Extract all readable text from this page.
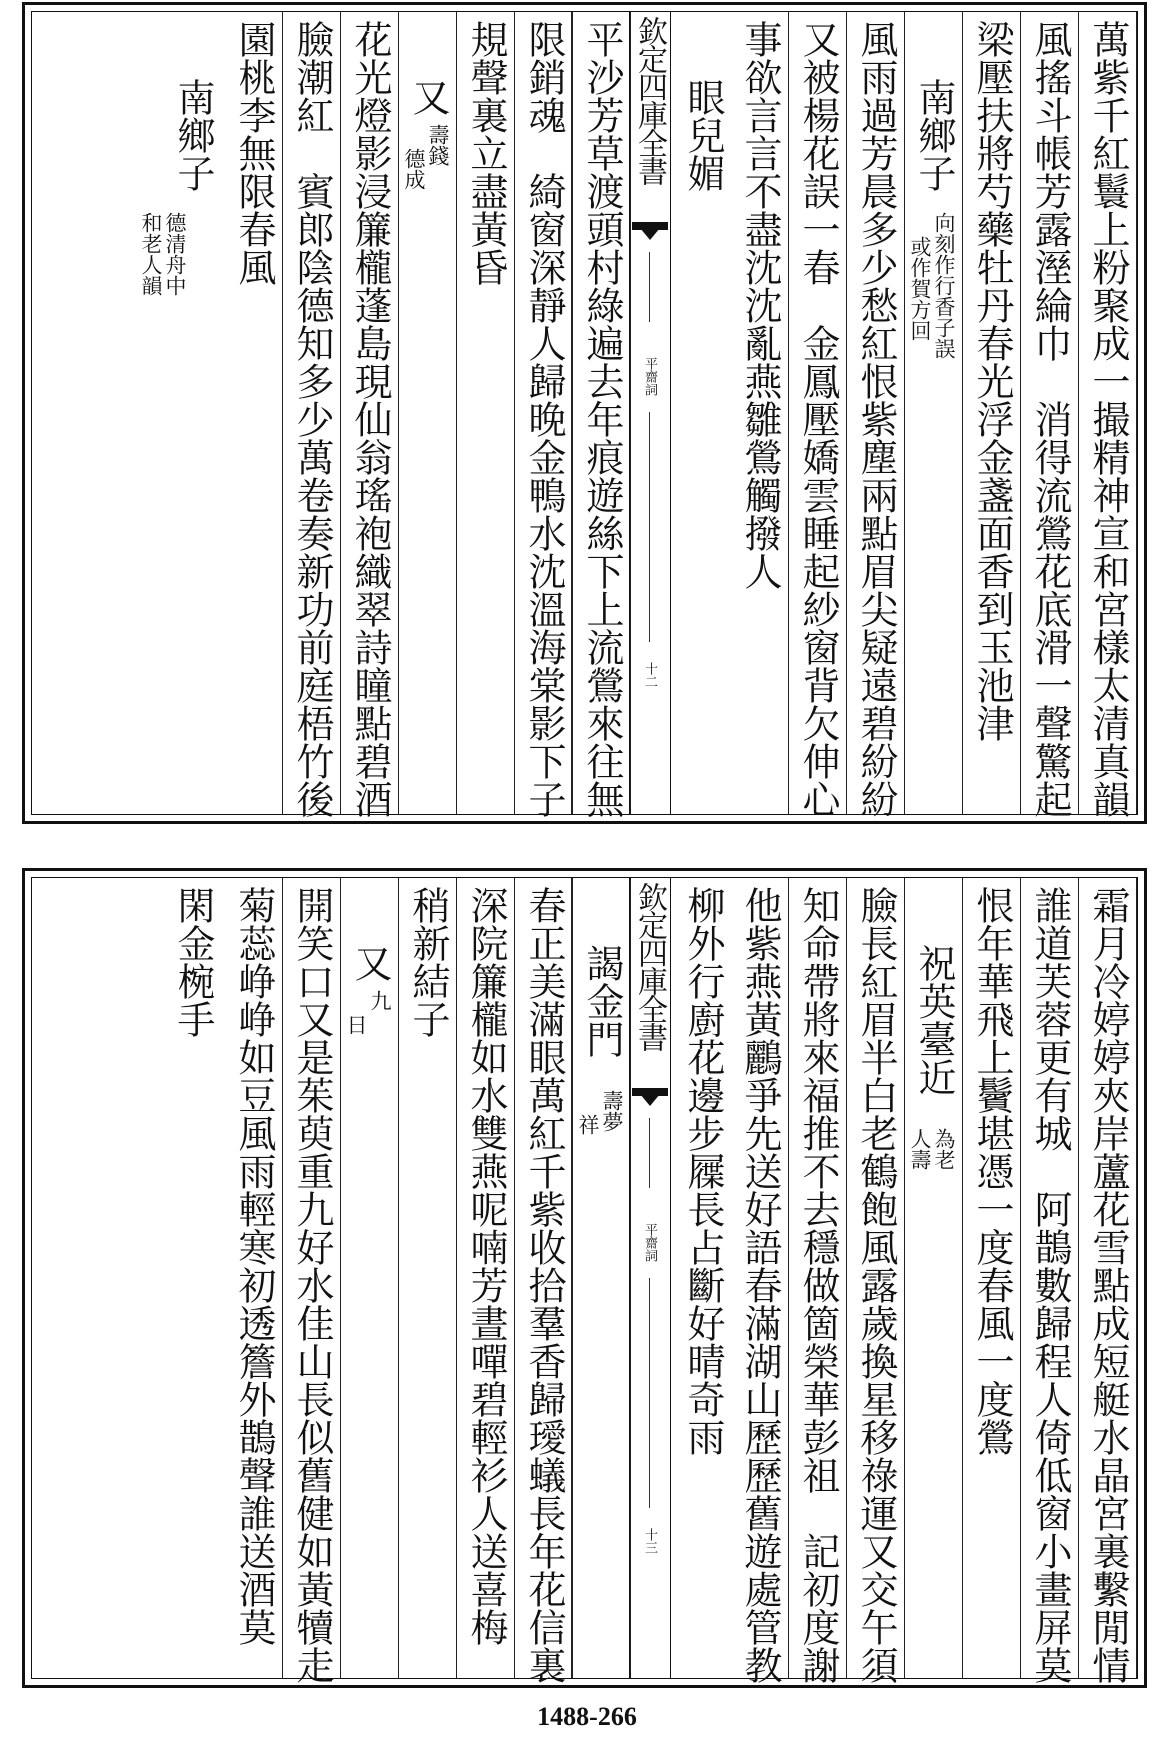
萬紫千紅鬟上粉聚成一撮精神宣和宮樣太清真韻
風搖斗帳芳露溼綸巾　消得流鶯花底滑一聲驚起
梁壓扶將芍藥牡丹春光浮金盞面香到玉池津
南鄉子
向刻作行香子誤
或作賀方回
風雨過芳晨多少愁紅恨紫塵兩點眉尖疑遠碧紛紛
又被楊花誤一春　金鳳壓嬌雲睡起紗窗背欠伸心
事欲言言不盡沈沈亂燕雛鶯觸撥人
眼兒媚
欽定四庫全書
平齋詞
十二
平沙芳草渡頭村綠遍去年痕遊絲下上流鶯來往無
限銷魂　綺窗深靜人歸晚金鴨水沈溫海棠影下子
規聲裏立盡黃昏
又
壽錢
德成
花光燈影浸簾櫳蓬島現仙翁瑤袍織翠詩瞳點碧酒
臉潮紅　賓郎陰德知多少萬卷奏新功前庭梧竹後
園桃李無限春風
南鄉子
德清舟中
和老人韻
霜月冷婷婷夾岸蘆花雪點成短艇水晶宮裏繫閒情
誰道芙蓉更有城　阿鵲數歸程人倚低窗小畫屏莫
恨年華飛上鬢堪憑一度春風一度鶯
祝英臺近
為老
人壽
臉長紅眉半白老鶴飽風露歲換星移祿運又交午須
知命帶將來福推不去穩做箇榮華彭祖　記初度謝
他紫燕黃鸝爭先送好語春滿湖山歷歷舊遊處管教
柳外行廚花邊步屧長占斷好晴奇雨
欽定四庫全書
平齋詞
十三
謁金門
壽夢
祥
春正美滿眼萬紅千紫收拾羣香歸璦蟻長年花信裏
深院簾櫳如水雙燕呢喃芳晝嘽碧輕衫人送喜梅
稍新結子
又
九
日
開笑口又是茱萸重九好水佳山長似舊健如黃犢走
菊蕊峥峥如豆風雨輕寒初透簷外鵲聲誰送酒莫
閑金椀手
1488-266
